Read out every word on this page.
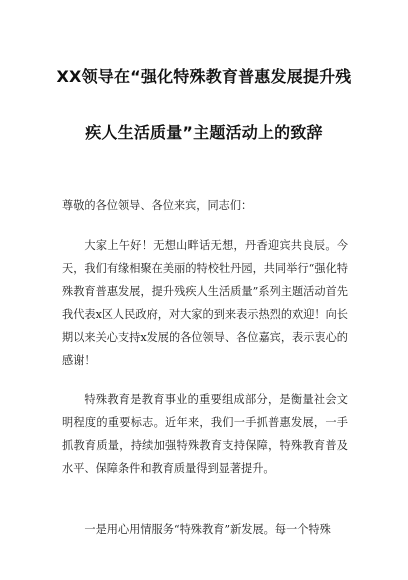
XX领导在“强化特殊教育普惠发展提升残
疾人生活质量”主题活动上的致辞

尊敬的各位领导、各位来宾，同志们：

大家上午好！无想山畔话无想，丹香迎宾共良辰。今天，我们有缘相聚在美丽的特校牡丹园，共同举行“强化特殊教育普惠发展，提升残疾人生活质量”系列主题活动首先我代表x区人民政府，对大家的到来表示热烈的欢迎！向长期以来关心支持x发展的各位领导、各位嘉宾，表示衷心的感谢！

特殊教育是教育事业的重要组成部分，是衡量社会文明程度的重要标志。近年来，我们一手抓普惠发展，一手抓教育质量，持续加强特殊教育支持保障，特殊教育普及水平、保障条件和教育质量得到显著提升。

一是用心用情服务“特殊教育”新发展。每一个特殊
